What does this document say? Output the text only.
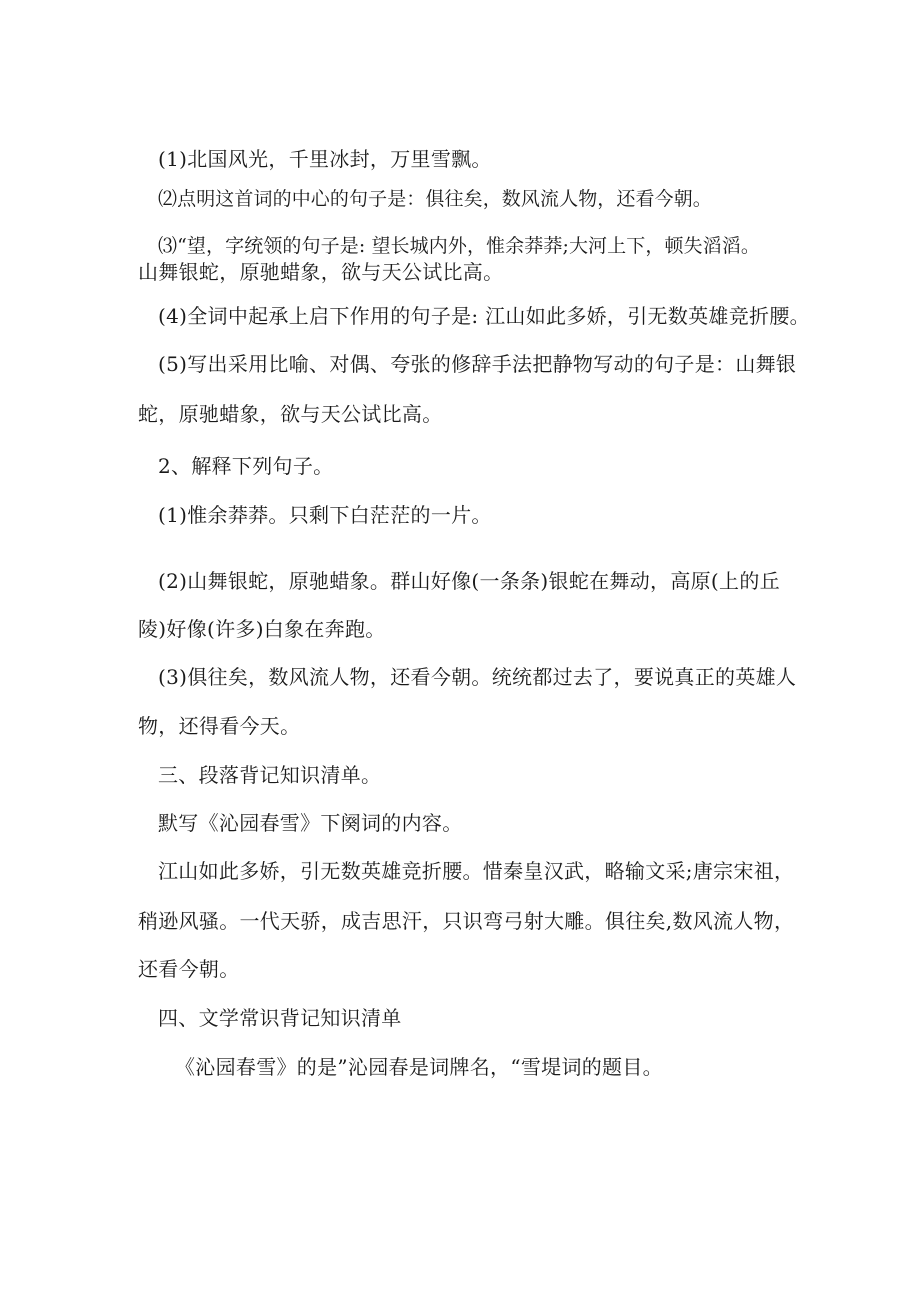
(1)北国风光，千里冰封，万里雪飘。
⑵点明这首词的中心的句子是：俱往矣，数风流人物，还看今朝。
⑶“望，字统领的句子是: 望长城内外，惟余莽莽;大河上下，顿失滔滔。
山舞银蛇，原驰蜡象，欲与天公试比高。
(4)全词中起承上启下作用的句子是: 江山如此多娇，引无数英雄竞折腰。
(5)写出采用比喻、对偶、夸张的修辞手法把静物写动的句子是：山舞银
蛇，原驰蜡象，欲与天公试比高。
2、解释下列句子。
(1)惟余莽莽。只剩下白茫茫的一片。
(2)山舞银蛇，原驰蜡象。群山好像(一条条)银蛇在舞动，高原(上的丘
陵)好像(许多)白象在奔跑。
(3)俱往矣，数风流人物，还看今朝。统统都过去了，要说真正的英雄人
物，还得看今天。
三、段落背记知识清单。
默写《沁园春雪》下阕词的内容。
江山如此多娇，引无数英雄竞折腰。惜秦皇汉武，略输文采;唐宗宋祖，
稍逊风骚。一代天骄，成吉思汗，只识弯弓射大雕。俱往矣,数风流人物，
还看今朝。
四、文学常识背记知识清单
《沁园春雪》的是”沁园春是词牌名，“雪堤词的题目。
